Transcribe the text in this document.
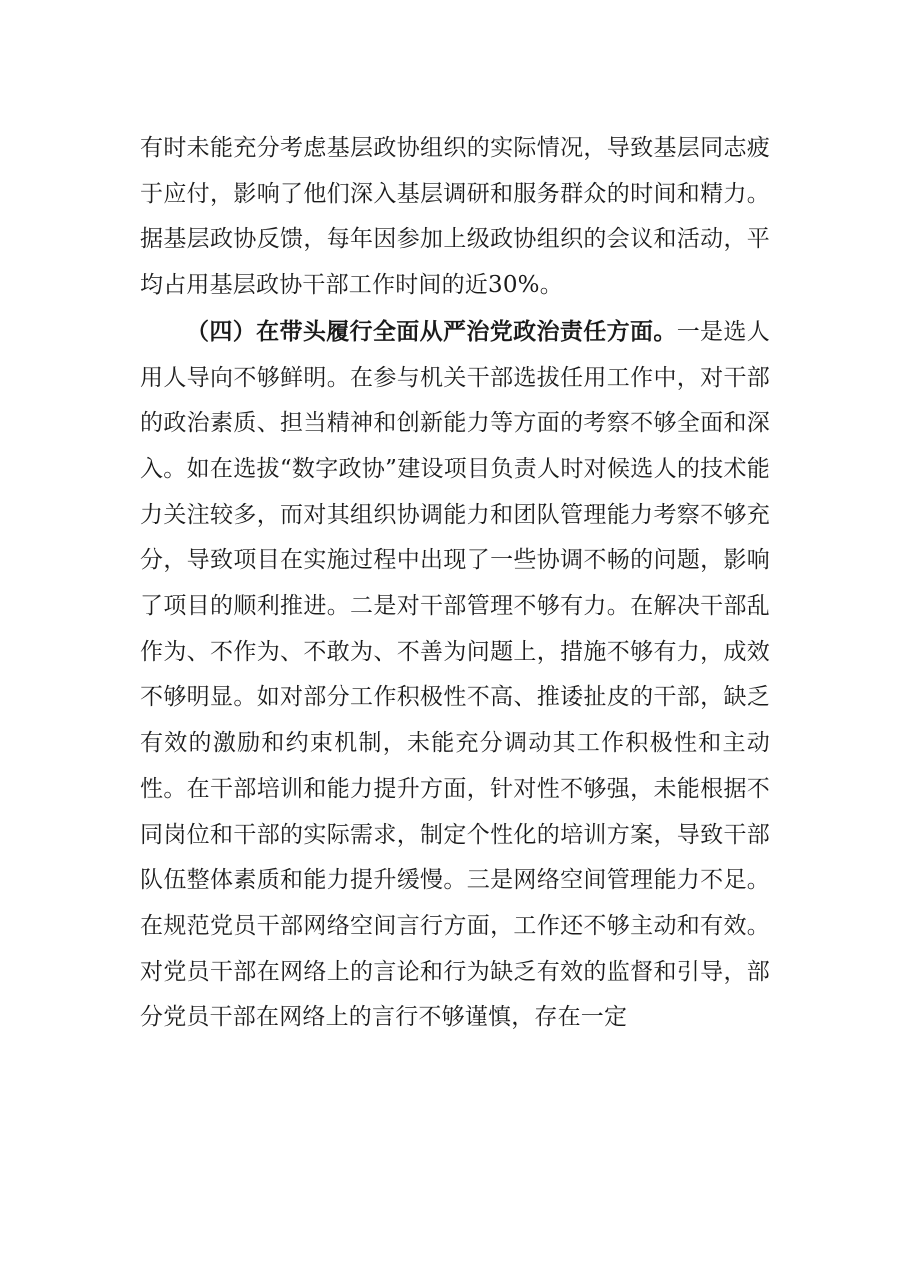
有时未能充分考虑基层政协组织的实际情况，导致基层同志疲于应付，影响了他们深入基层调研和服务群众的时间和精力。据基层政协反馈，每年因参加上级政协组织的会议和活动，平均占用基层政协干部工作时间的近30%。

（四）在带头履行全面从严治党政治责任方面。一是选人用人导向不够鲜明。在参与机关干部选拔任用工作中，对干部的政治素质、担当精神和创新能力等方面的考察不够全面和深入。如在选拔“数字政协”建设项目负责人时对候选人的技术能力关注较多，而对其组织协调能力和团队管理能力考察不够充分，导致项目在实施过程中出现了一些协调不畅的问题，影响了项目的顺利推进。二是对干部管理不够有力。在解决干部乱作为、不作为、不敢为、不善为问题上，措施不够有力，成效不够明显。如对部分工作积极性不高、推诿扯皮的干部，缺乏有效的激励和约束机制，未能充分调动其工作积极性和主动性。在干部培训和能力提升方面，针对性不够强，未能根据不同岗位和干部的实际需求，制定个性化的培训方案，导致干部队伍整体素质和能力提升缓慢。三是网络空间管理能力不足。在规范党员干部网络空间言行方面，工作还不够主动和有效。对党员干部在网络上的言论和行为缺乏有效的监督和引导，部分党员干部在网络上的言行不够谨慎，存在一定
